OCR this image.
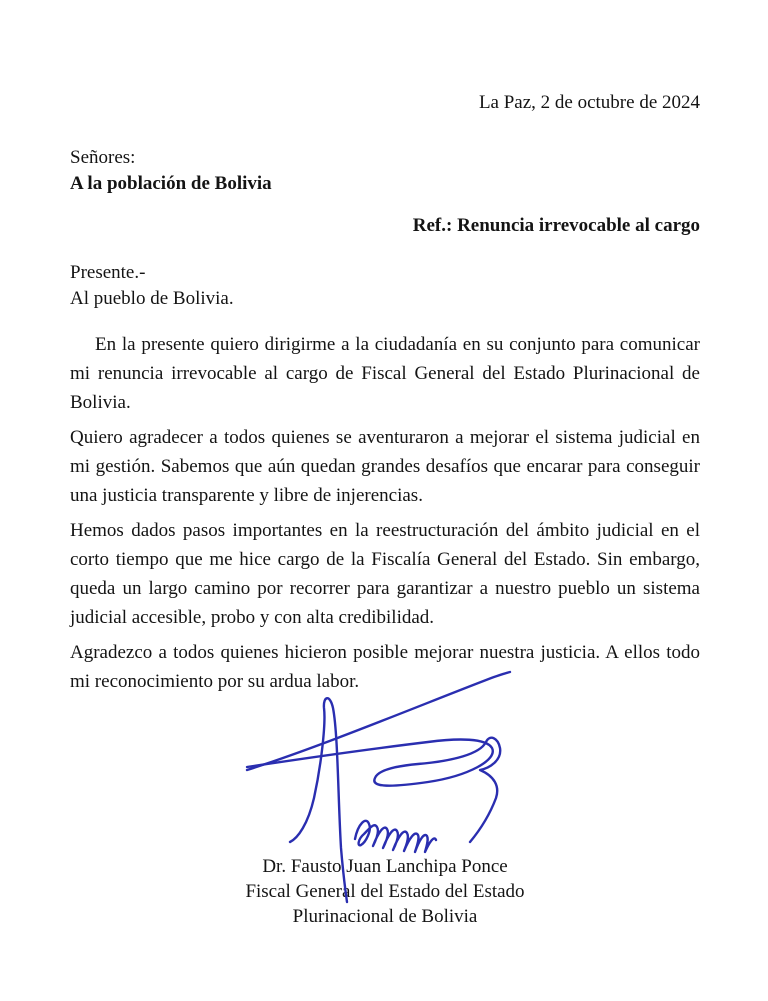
La Paz, 2 de octubre de 2024
Señores:
A la población de Bolivia
Ref.: Renuncia irrevocable al cargo
Presente.-
Al pueblo de Bolivia.

En la presente quiero dirigirme a la ciudadanía en su conjunto para comunicar mi renuncia irrevocable al cargo de Fiscal General del Estado Plurinacional de Bolivia.

Quiero agradecer a todos quienes se aventuraron a mejorar el sistema judicial en mi gestión. Sabemos que aún quedan grandes desafíos que encarar para conseguir una justicia transparente y libre de injerencias.

Hemos dados pasos importantes en la reestructuración del ámbito judicial en el corto tiempo que me hice cargo de la Fiscalía General del Estado. Sin embargo, queda un largo camino por recorrer para garantizar a nuestro pueblo un sistema judicial accesible, probo y con alta credibilidad.

Agradezco a todos quienes hicieron posible mejorar nuestra justicia. A ellos todo mi reconocimiento por su ardua labor.

Dr. Fausto Juan Lanchipa Ponce
Fiscal General del Estado del Estado
Plurinacional de Bolivia
